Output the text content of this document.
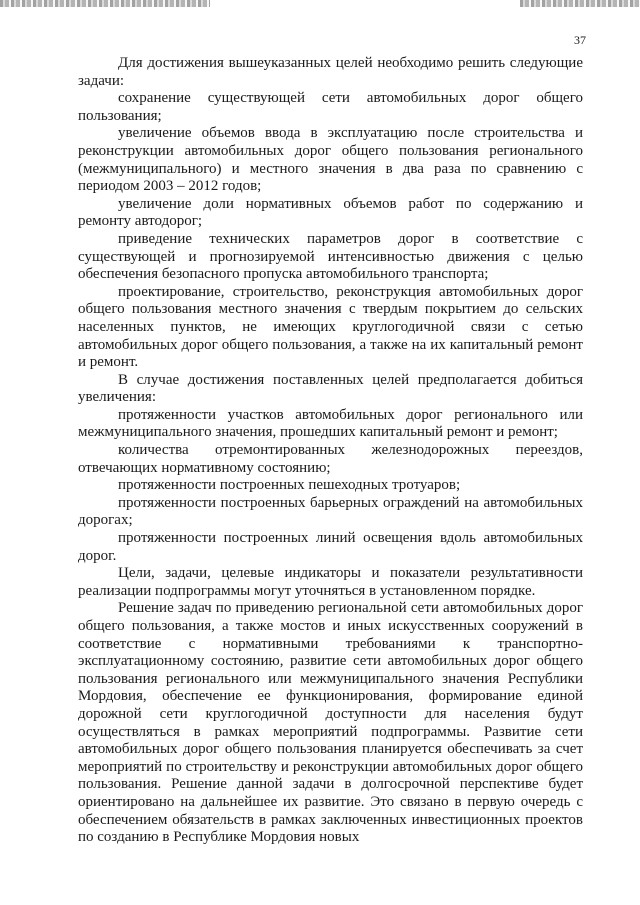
37

Для достижения вышеуказанных целей необходимо решить следующие задачи:

сохранение существующей сети автомобильных дорог общего пользования;

увеличение объемов ввода в эксплуатацию после строительства и реконструкции автомобильных дорог общего пользования регионального (межмуниципального) и местного значения в два раза по сравнению с периодом 2003 – 2012 годов;

увеличение доли нормативных объемов работ по содержанию и ремонту автодорог;

приведение технических параметров дорог в соответствие с существующей и прогнозируемой интенсивностью движения с целью обеспечения безопасного пропуска автомобильного транспорта;

проектирование, строительство, реконструкция автомобильных дорог общего пользования местного значения с твердым покрытием до сельских населенных пунктов, не имеющих круглогодичной связи с сетью автомобильных дорог общего пользования, а также на их капитальный ремонт и ремонт.

В случае достижения поставленных целей предполагается добиться увеличения:

протяженности участков автомобильных дорог регионального или межмуниципального значения, прошедших капитальный ремонт и ремонт;

количества отремонтированных железнодорожных переездов, отвечающих нормативному состоянию;

протяженности построенных пешеходных тротуаров;

протяженности построенных барьерных ограждений на автомобильных дорогах;

протяженности построенных линий освещения вдоль автомобильных дорог.

Цели, задачи, целевые индикаторы и показатели результативности реализации подпрограммы могут уточняться в установленном порядке.

Решение задач по приведению региональной сети автомобильных дорог общего пользования, а также мостов и иных искусственных сооружений в соответствие с нормативными требованиями к транспортно-эксплуатационному состоянию, развитие сети автомобильных дорог общего пользования регионального или межмуниципального значения Республики Мордовия, обеспечение ее функционирования, формирование единой дорожной сети круглогодичной доступности для населения будут осуществляться в рамках мероприятий подпрограммы. Развитие сети автомобильных дорог общего пользования планируется обеспечивать за счет мероприятий по строительству и реконструкции автомобильных дорог общего пользования. Решение данной задачи в долгосрочной перспективе будет ориентировано на дальнейшее их развитие. Это связано в первую очередь с обеспечением обязательств в рамках заключенных инвестиционных проектов по созданию в Республике Мордовия новых
